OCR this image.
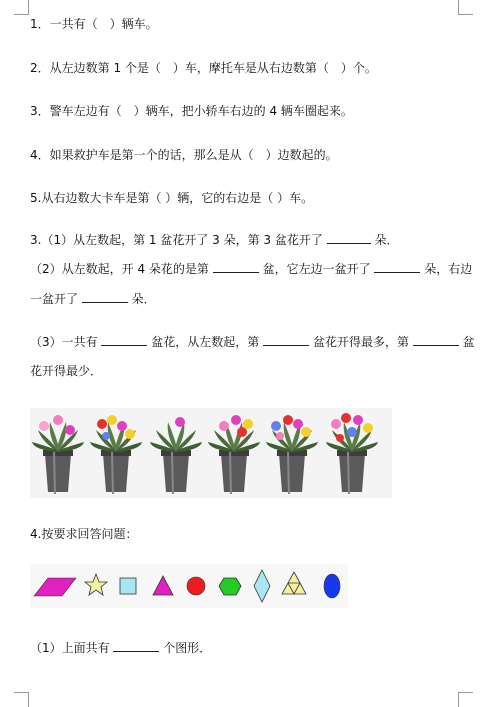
1．一共有（　）辆车。
2．从左边数第 1 个是（　）车，摩托车是从右边数第（　）个。
3．警车左边有（　）辆车，把小轿车右边的 4 辆车圈起来。
4．如果救护车是第一个的话，那么是从（　）边数起的。
5.从右边数大卡车是第（ ）辆，它的右边是（ ）车。
3.（1）从左数起，第 1 盆花开了 3 朵，第 3 盆花开了	朵．
（2）从左数起，开 4 朵花的是第	盆，它左边一盆开了	朵，右边
一盆开了	朵．
（3）一共有	盆花，从左数起，第	盆花开得最多，第	盆
花开得最少．
4.按要求回答问题：
（1）上面共有	个图形．
